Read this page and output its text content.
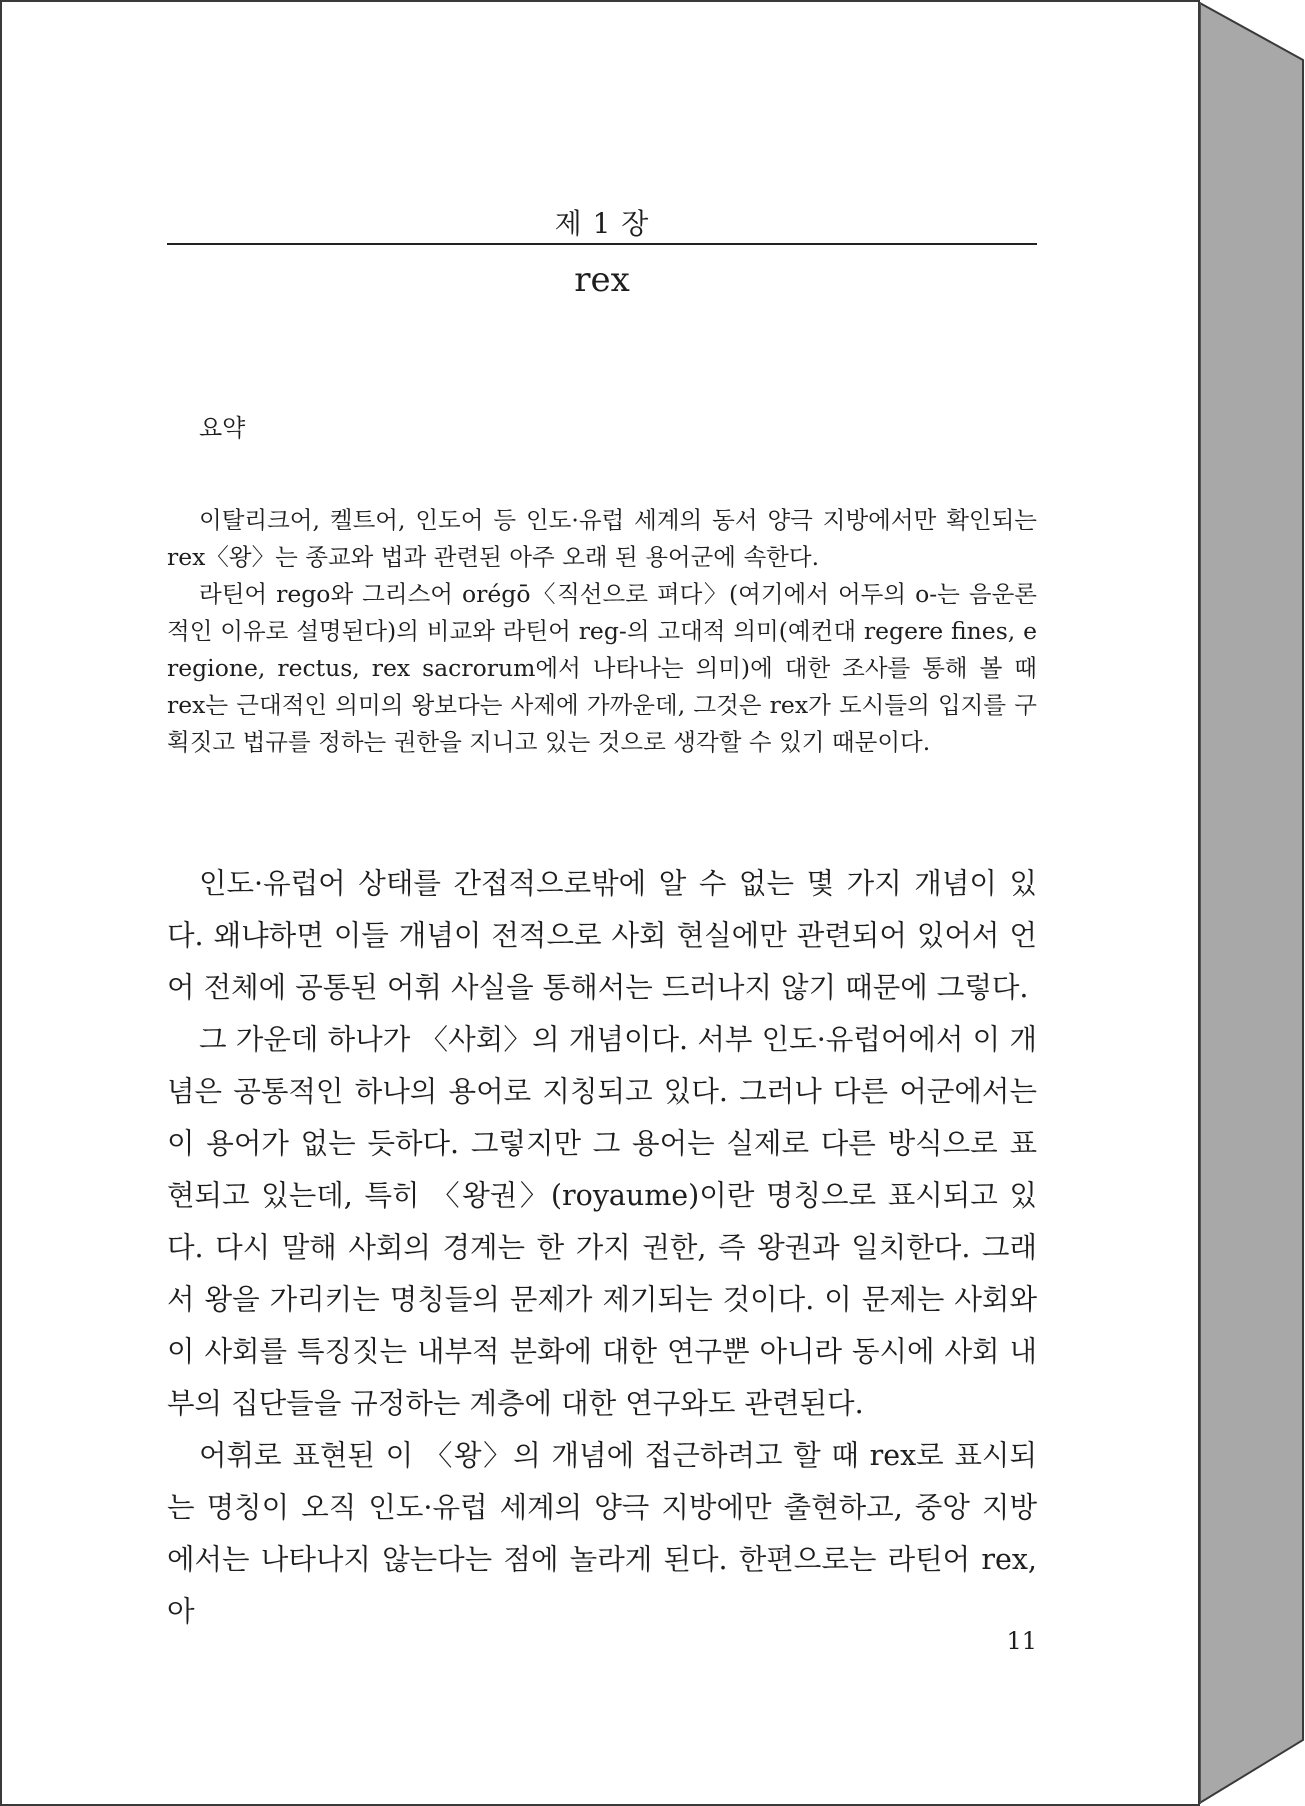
제 1 장
rex
요약

이탈리크어, 켈트어, 인도어 등 인도·유럽 세계의 동서 양극 지방에서만 확인되는 rex〈왕〉는 종교와 법과 관련된 아주 오래 된 용어군에 속한다.

라틴어 rego와 그리스어 orégō〈직선으로 펴다〉(여기에서 어두의 o-는 음운론적인 이유로 설명된다)의 비교와 라틴어 reg-의 고대적 의미(예컨대 regere fines, e regione, rectus, rex sacrorum에서 나타나는 의미)에 대한 조사를 통해 볼 때 rex는 근대적인 의미의 왕보다는 사제에 가까운데, 그것은 rex가 도시들의 입지를 구획짓고 법규를 정하는 권한을 지니고 있는 것으로 생각할 수 있기 때문이다.

인도·유럽어 상태를 간접적으로밖에 알 수 없는 몇 가지 개념이 있다. 왜냐하면 이들 개념이 전적으로 사회 현실에만 관련되어 있어서 언어 전체에 공통된 어휘 사실을 통해서는 드러나지 않기 때문에 그렇다.

그 가운데 하나가 〈사회〉의 개념이다. 서부 인도·유럽어에서 이 개념은 공통적인 하나의 용어로 지칭되고 있다. 그러나 다른 어군에서는 이 용어가 없는 듯하다. 그렇지만 그 용어는 실제로 다른 방식으로 표현되고 있는데, 특히 〈왕권〉(royaume)이란 명칭으로 표시되고 있다. 다시 말해 사회의 경계는 한 가지 권한, 즉 왕권과 일치한다. 그래서 왕을 가리키는 명칭들의 문제가 제기되는 것이다. 이 문제는 사회와 이 사회를 특징짓는 내부적 분화에 대한 연구뿐 아니라 동시에 사회 내부의 집단들을 규정하는 계층에 대한 연구와도 관련된다.

어휘로 표현된 이 〈왕〉의 개념에 접근하려고 할 때 rex로 표시되는 명칭이 오직 인도·유럽 세계의 양극 지방에만 출현하고, 중앙 지방에서는 나타나지 않는다는 점에 놀라게 된다. 한편으로는 라틴어 rex, 아

11
